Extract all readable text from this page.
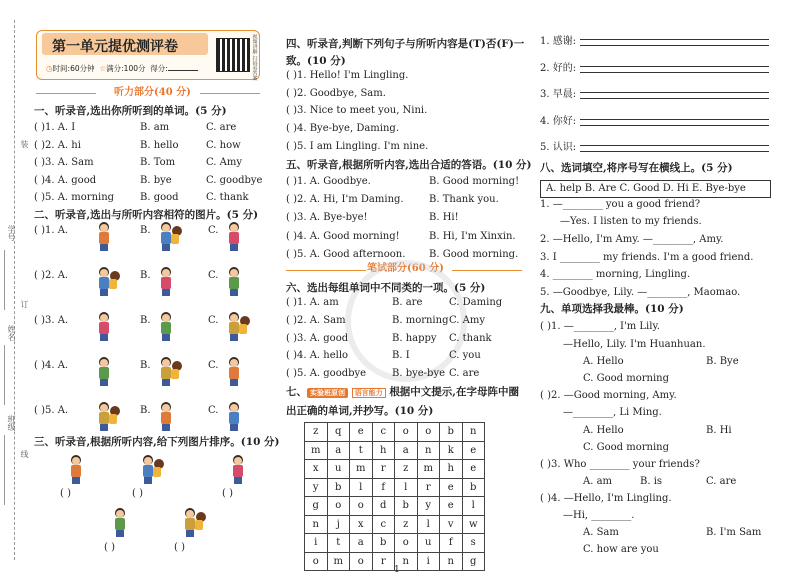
装
订
线
学号
姓名
班级
第一单元提优测评卷	视频讲解 扫码看答案
◷时间:60分钟 ☆满分:100分 得分:
听力部分(40 分)
一、听录音,选出你所听到的单词。(5 分)
( )1. A. I	B. am	C. are
( )2. A. hi	B. hello	C. how
( )3. A. Sam	B. Tom	C. Amy
( )4. A. good	B. bye	C. goodbye
( )5. A. morning	B. good	C. thank
二、听录音,选出与所听内容相符的图片。(5 分)
( )1. A.	B.	C.
( )2. A.	B.	C.
( )3. A.	B.	C.
( )4. A.	B.	C.
( )5. A.	B.	C.
三、听录音,根据所听内容,给下列图片排序。(10 分)
( )	( )	( )
( )	( )
四、听录音,判断下列句子与所听内容是(T)否(F)一
致。(10 分)
( )1. Hello! I'm Lingling.
( )2. Goodbye, Sam.
( )3. Nice to meet you, Nini.
( )4. Bye-bye, Daming.
( )5. I am Lingling. I'm nine.
五、听录音,根据所听内容,选出合适的答语。(10 分)
( )1. A. Goodbye.	B. Good morning!
( )2. A. Hi, I'm Daming.	B. Thank you.
( )3. A. Bye-bye!	B. Hi!
( )4. A. Good morning!	B. Hi, I'm Xinxin.
( )5. A. Good afternoon. B. Good morning.
笔试部分(60 分)
六、选出每组单词中不同类的一项。(5 分)
( )1. A. am	B. are	C. Daming
( )2. A. Sam	B. morning C. Amy
( )3. A. good	B. happy C. thank
( )4. A. hello	B. I	C. you
( )5. A. goodbye	B. bye-bye C. are
七、 实验班原创 语言能力 根据中文提示,在字母阵中圈
出正确的单词,并抄写。(10 分)
z	q	e	c	o	o	b	n
m	a	t	h	a	n	k	e
x	u	m	r	z	m	h	e
y	b	l	f	l	r	e	b
g	o	o	d	b	y	e	l
n	j	x	c	z	l	v	w
i	t	a	b	o	u	f	s
o	m	o	r	n	i	n	g
1
1. 感谢:
2. 好的:
3. 早晨:
4. 你好:
5. 认识:
八、选词填空,将序号写在横线上。(5 分)
A. help B. Are C. Good D. Hi E. Bye-bye
1. —________ you a good friend?
—Yes. I listen to my friends.
2. —Hello, I'm Amy. —________, Amy.
3. I ________ my friends. I'm a good friend.
4. ________ morning, Lingling.
5. —Goodbye, Lily. —________, Maomao.
九、单项选择我最棒。(10 分)
( )1. —________, I'm Lily.
—Hello, Lily. I'm Huanhuan.
A. Hello	B. Bye
C. Good morning
( )2. —Good morning, Amy.
—________, Li Ming.
A. Hello	B. Hi
C. Good morning
( )3. Who ________ your friends?
A. am	B. is	C. are
( )4. —Hello, I'm Lingling.
—Hi, ________.
A. Sam	B. I'm Sam
C. how are you
